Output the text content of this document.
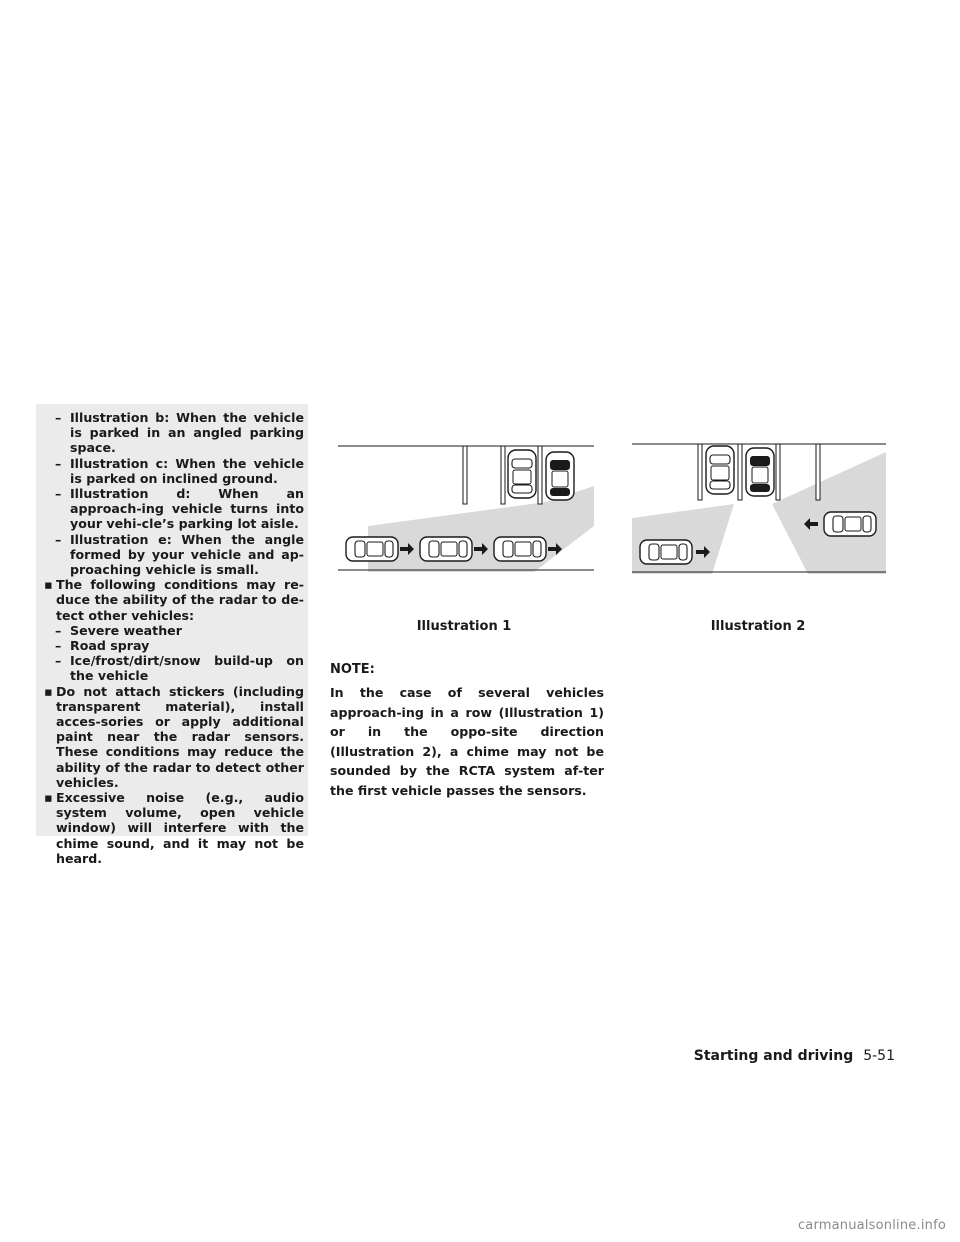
– Illustration b: When the vehicle is parked in an angled parking space.
– Illustration c: When the vehicle is parked on inclined ground.
– Illustration d: When an approach-ing vehicle turns into your vehi-cle’s parking lot aisle.
– Illustration e: When the angle formed by your vehicle and ap-proaching vehicle is small.
▪ The following conditions may re-duce the ability of the radar to de-tect other vehicles:
– Severe weather
– Road spray
– Ice/frost/dirt/snow build-up on the vehicle
▪ Do not attach stickers (including transparent material), install acces-sories or apply additional paint near the radar sensors. These conditions may reduce the ability of the radar to detect other vehicles.
▪ Excessive noise (e.g., audio system volume, open vehicle window) will interfere with the chime sound, and it may not be heard.
Illustration 1	Illustration 2
NOTE:
In the case of several vehicles approach-ing in a row (Illustration 1) or in the oppo-site direction (Illustration 2), a chime may not be sounded by the RCTA system af-ter the first vehicle passes the sensors.
Starting and driving 5-51
carmanualsonline.info
